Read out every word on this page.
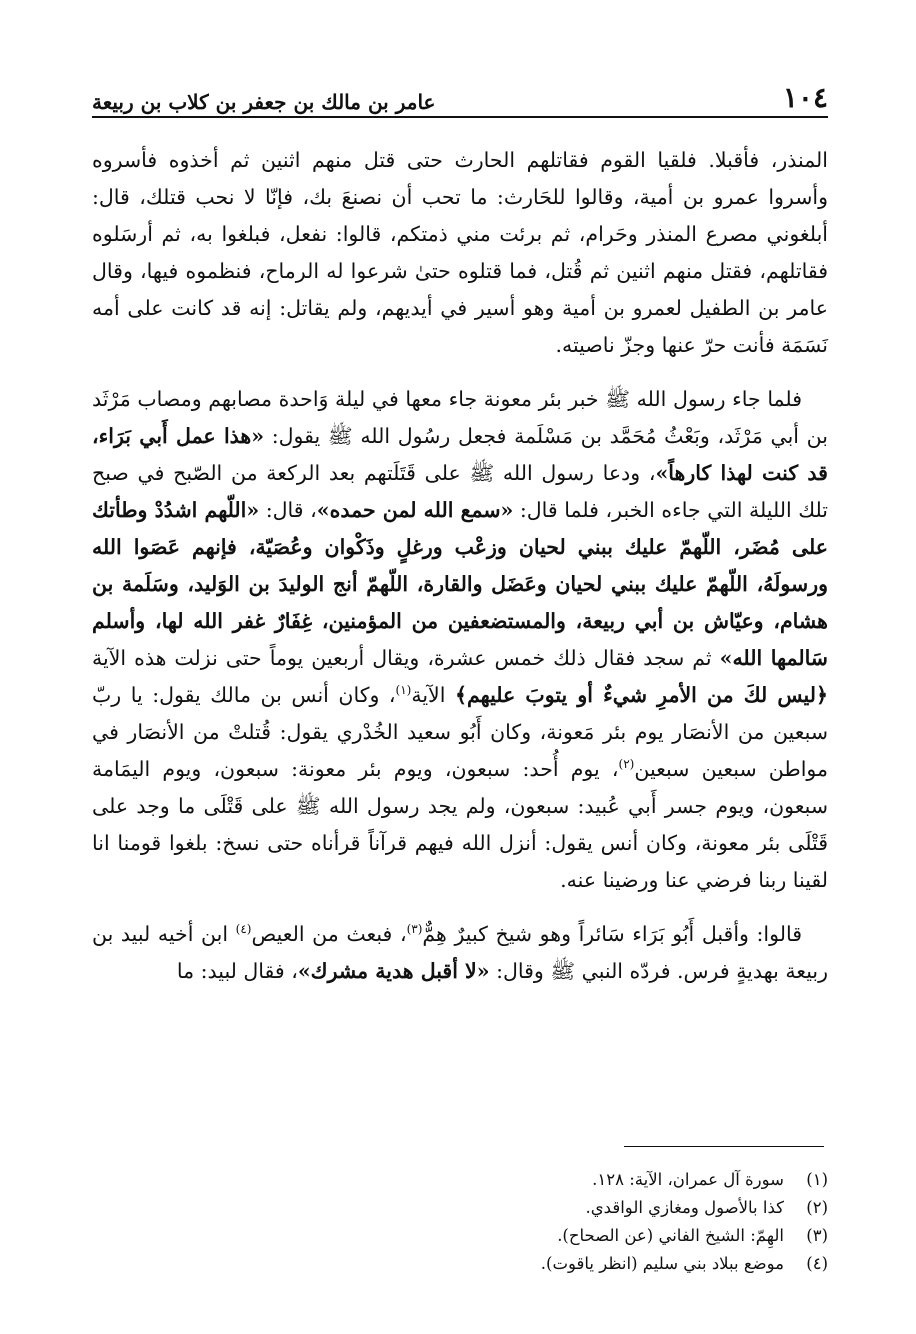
١٠٤
عامر بن مالك بن جعفر بن كلاب بن ربيعة

المنذر، فأقبلا. فلقيا القوم فقاتلهم الحارث حتى قتل منهم اثنين ثم أخذوه فأسروه وأسروا عمرو بن أمية، وقالوا للحَارث: ما تحب أن نصنعَ بك، فإنّا لا نحب قتلك، قال: أبلغوني مصرع المنذر وحَرام، ثم برئت مني ذمتكم، قالوا: نفعل، فبلغوا به، ثم أرسَلوه فقاتلهم، فقتل منهم اثنين ثم قُتل، فما قتلوه حتىٰ شرعوا له الرماح، فنظموه فيها، وقال عامر بن الطفيل لعمرو بن أمية وهو أسير في أيديهم، ولم يقاتل: إنه قد كانت على أمه نَسَمَة فأنت حرّ عنها وجزّ ناصيته.

فلما جاء رسول الله ﷺ خبر بئر معونة جاء معها في ليلة وَاحدة مصابهم ومصاب مَرْثَد بن أبي مَرْثَد، وبَعْثُ مُحَمَّد بن مَسْلَمة فجعل رسُول الله ﷺ يقول: «هذا عمل أَبي بَرَاء، قد كنت لهذا كارهاً»، ودعا رسول الله ﷺ على قَتَلَتهم بعد الركعة من الصّبح في صبح تلك الليلة التي جاءه الخبر، فلما قال: «سمع الله لمن حمده»، قال: «اللّهم اشدُدْ وطأتك على مُضَر، اللّهمّ عليك ببني لحيان وزعْب ورغلٍ وذَكْوان وعُصَيّة، فإنهم عَصَوا الله ورسولَهُ، اللّهمّ عليك ببني لحيان وعَضَل والقارة، اللّهمّ أنج الوليدَ بن الوَليد، وسَلَمة بن هشام، وعيّاش بن أبي ربيعة، والمستضعفين من المؤمنين، غِفَارٌ غفر الله لها، وأسلم سَالمها الله» ثم سجد فقال ذلك خمس عشرة، ويقال أربعين يوماً حتى نزلت هذه الآية ﴿ليس لكَ من الأمرِ شيءٌ أو يتوبَ عليهم﴾ الآية$^{(١)}$، وكان أنس بن مالك يقول: يا ربّ سبعين من الأنصَار يوم بئر مَعونة، وكان أَبُو سعيد الخُدْري يقول: قُتلتْ من الأنصَار في مواطن سبعين سبعين$^{(٢)}$، يوم أُحد: سبعون، ويوم بئر معونة: سبعون، ويوم اليمَامة سبعون، ويوم جسر أَبي عُبيد: سبعون، ولم يجد رسول الله ﷺ على قَتْلَى ما وجد على قَتْلَى بئر معونة، وكان أنس يقول: أنزل الله فيهم قرآناً قرأناه حتى نسخ: بلغوا قومنا انا لقينا ربنا فرضي عنا ورضينا عنه.

قالوا: وأقبل أَبُو بَرَاء سَائراً وهو شيخ كبيرٌ هِمٌّ$^{(٣)}$، فبعث من العيص$^{(٤)}$ ابن أخيه لبيد بن ربيعة بهديةٍ فرس. فردّه النبي ﷺ وقال: «لا أقبل هدية مشرك»، فقال لبيد: ما

(١)
سورة آل عمران، الآية: ١٢٨.
(٢)
كذا بالأصول ومغازي الواقدي.
(٣)
الهِمّ: الشيخ الفاني (عن الصحاح).
(٤)
موضع ببلاد بني سليم (انظر ياقوت).
